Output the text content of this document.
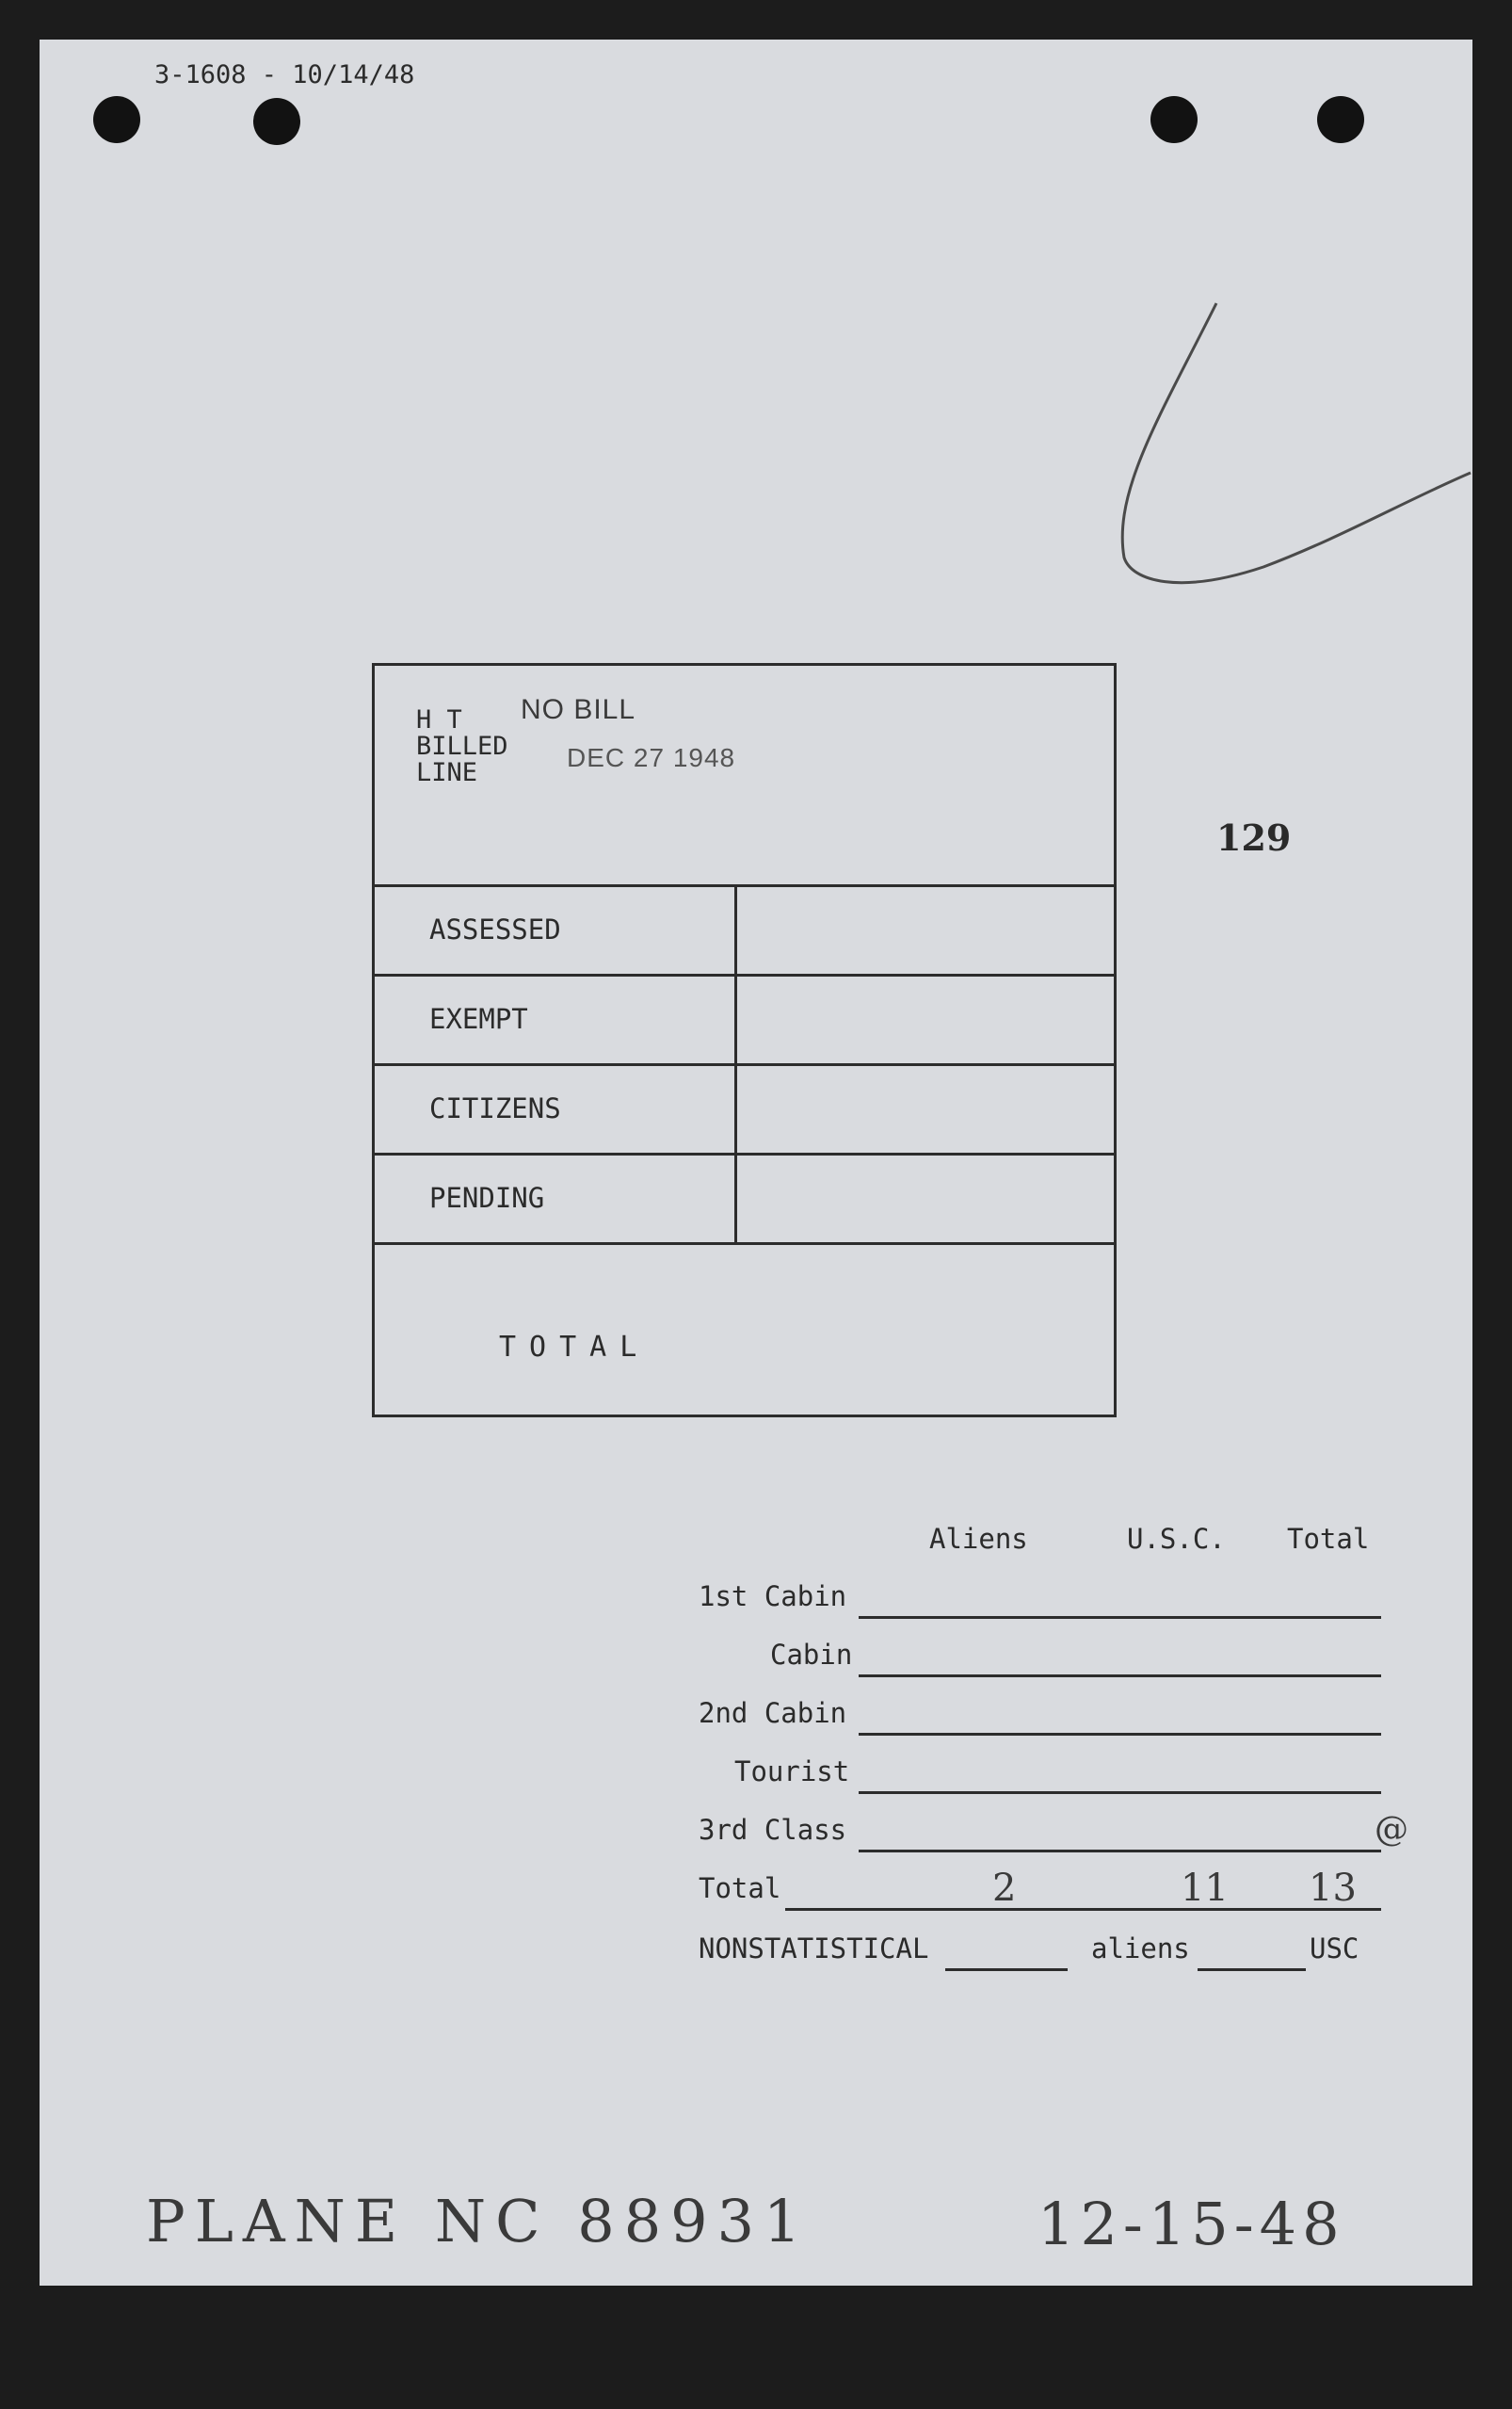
3-1608 - 10/14/48
H T
BILLED
LINE
NO BILL
DEC 27 1948
ASSESSED
EXEMPT
CITIZENS
PENDING
TOTAL
129
Aliens	U.S.C. Total
1st Cabin
Cabin
2nd Cabin
Tourist
3rd Class	@
Total	2	11 13
NONSTATISTICAL	aliens	USC
PLANE NC 88931	12-15-48
